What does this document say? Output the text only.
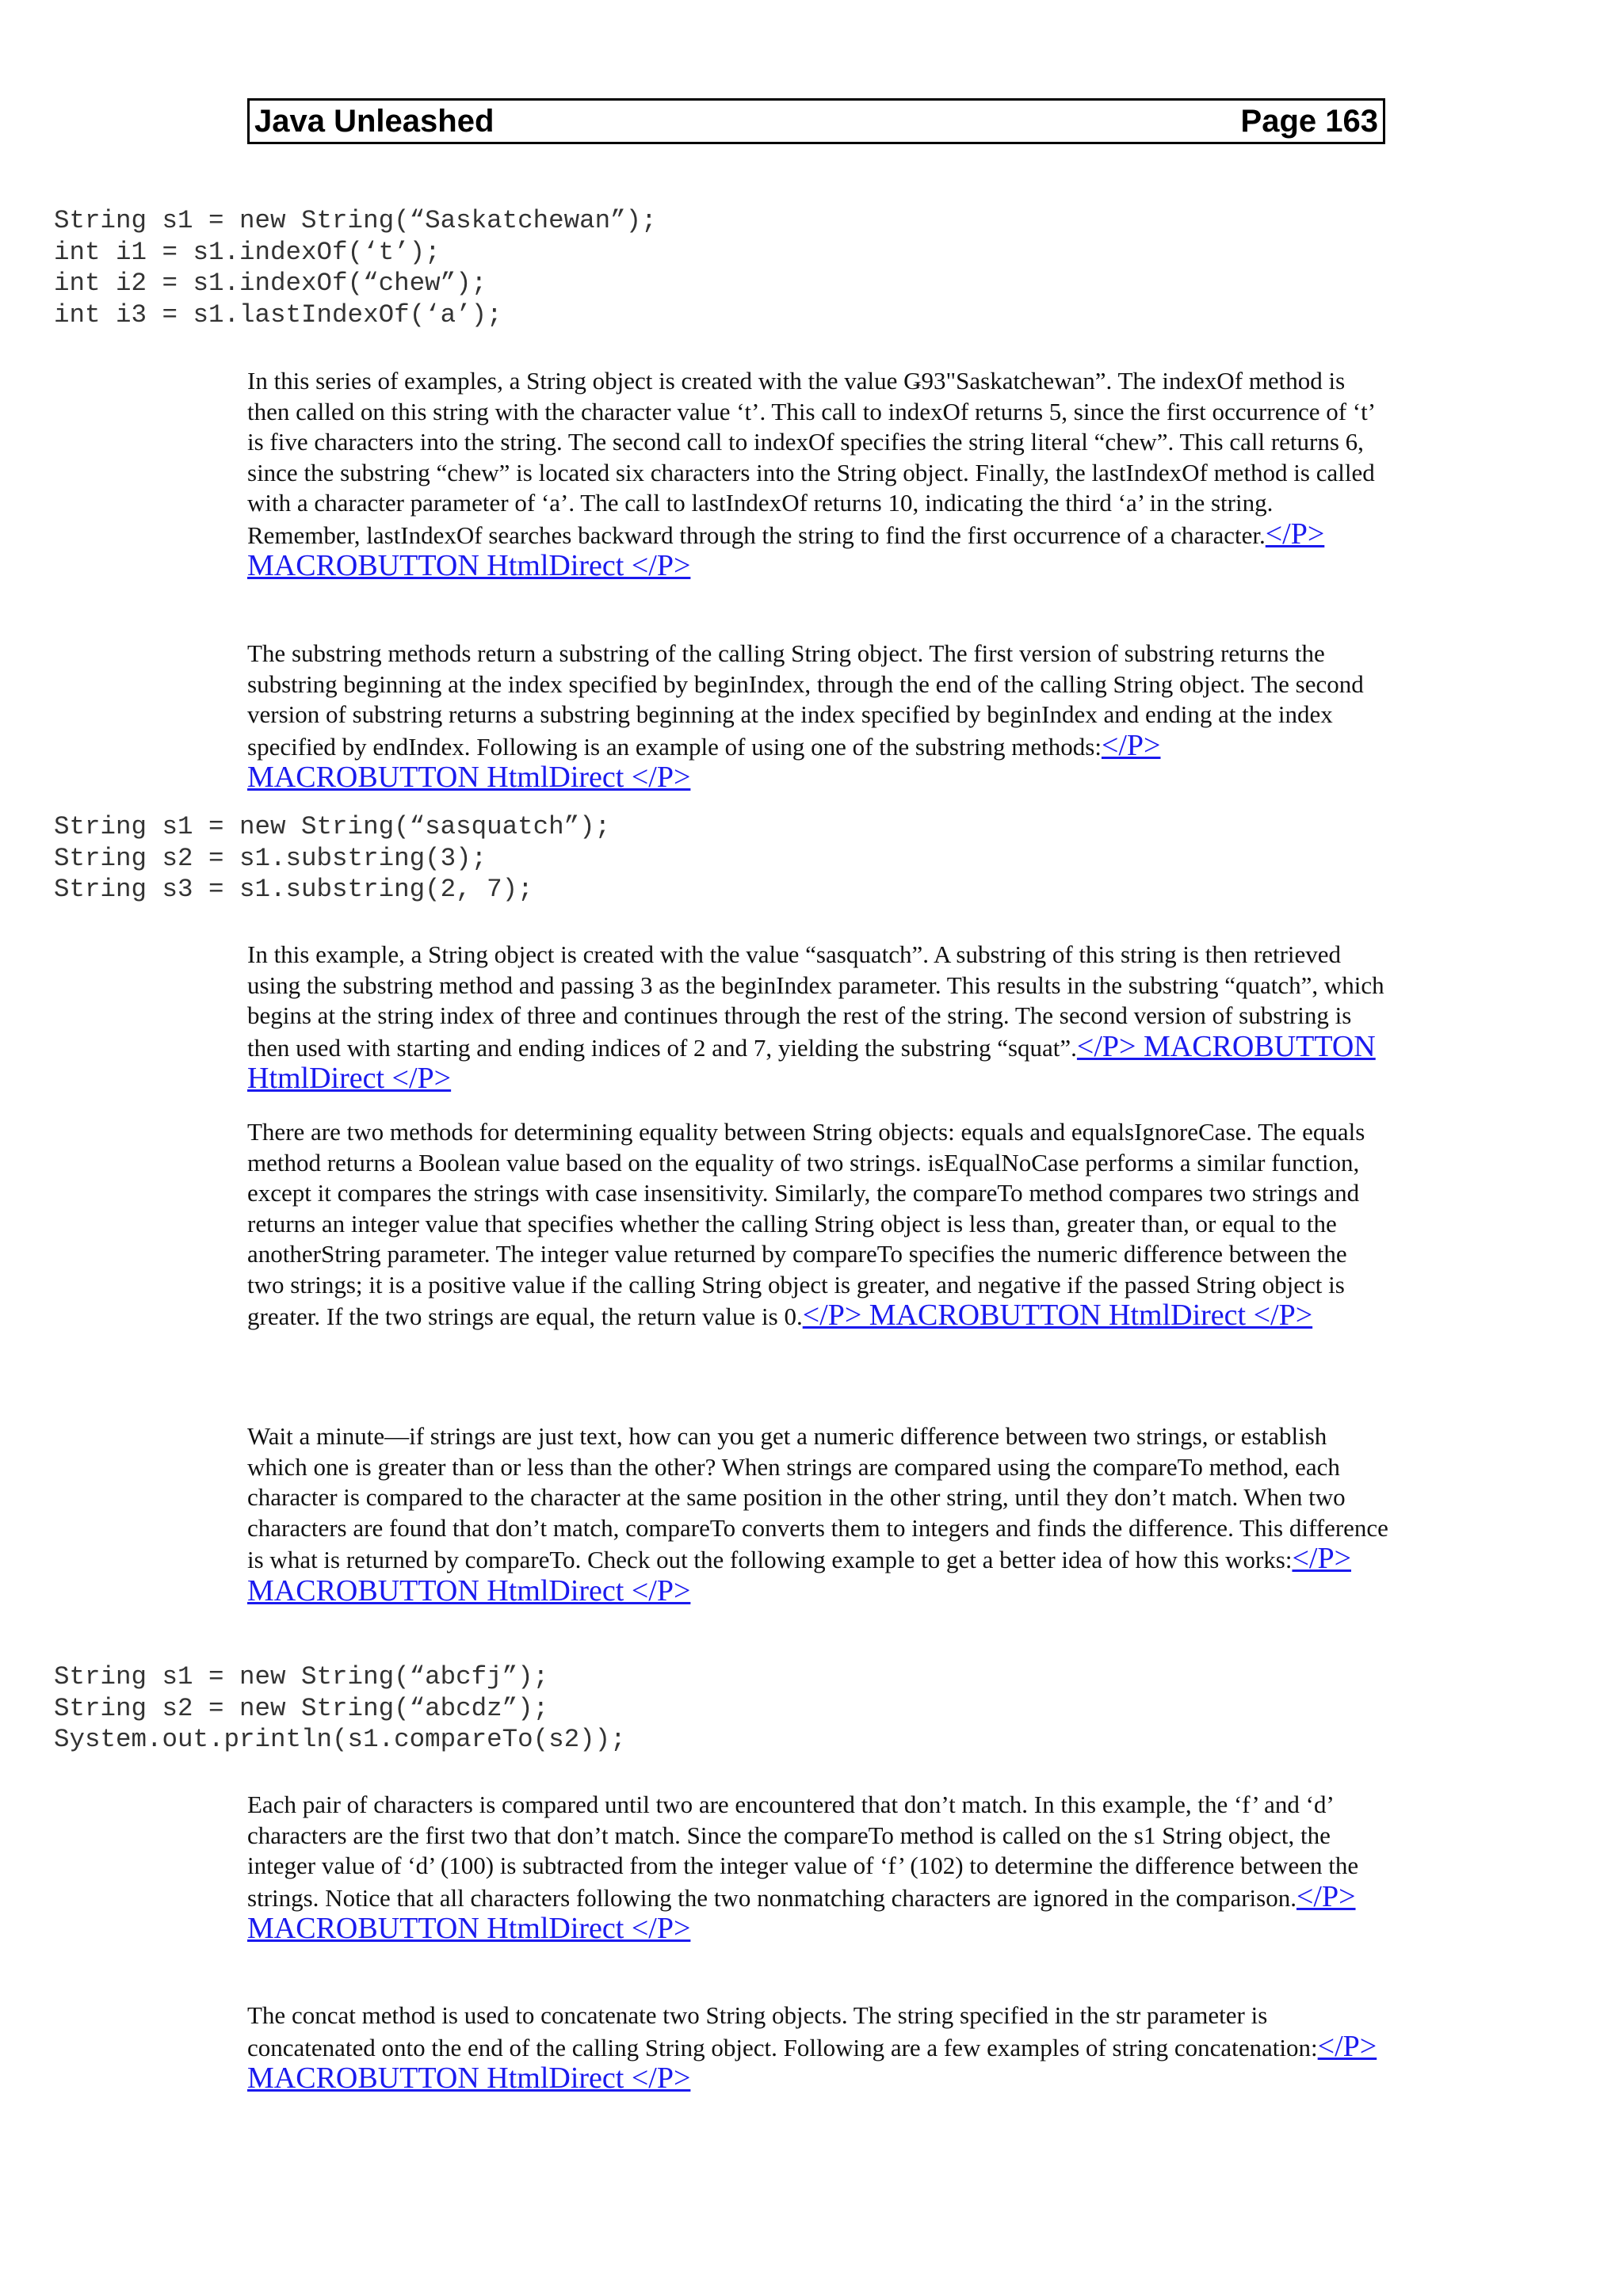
Java Unleashed	Page 163
String s1 = new String(“Saskatchewan”);
int i1 = s1.indexOf(‘t’);
int i2 = s1.indexOf(“chew”);
int i3 = s1.lastIndexOf(‘a’);

In this series of examples, a String object is created with the value Ǥ93"Saskatchewan”. The indexOf method is then called on this string with the character value ‘t’. This call to indexOf returns 5, since the first occurrence of ‘t’ is five characters into the string. The second call to indexOf specifies the string literal “chew”. This call returns 6, since the substring “chew” is located six characters into the String object. Finally, the lastIndexOf method is called with a character parameter of ‘a’. The call to lastIndexOf returns 10, indicating the third ‘a’ in the string. Remember, lastIndexOf searches backward through the string to find the first occurrence of a character.</P> MACROBUTTON HtmlDirect </P>

The substring methods return a substring of the calling String object. The first version of substring returns the substring beginning at the index specified by beginIndex, through the end of the calling String object. The second version of substring returns a substring beginning at the index specified by beginIndex and ending at the index specified by endIndex. Following is an example of using one of the substring methods:</P> MACROBUTTON HtmlDirect </P>

String s1 = new String(“sasquatch”);
String s2 = s1.substring(3);
String s3 = s1.substring(2, 7);

In this example, a String object is created with the value “sasquatch”. A substring of this string is then retrieved using the substring method and passing 3 as the beginIndex parameter. This results in the substring “quatch”, which begins at the string index of three and continues through the rest of the string. The second version of substring is then used with starting and ending indices of 2 and 7, yielding the substring “squat”.</P> MACROBUTTON HtmlDirect </P>

There are two methods for determining equality between String objects: equals and equalsIgnoreCase. The equals method returns a Boolean value based on the equality of two strings. isEqualNoCase performs a similar function, except it compares the strings with case insensitivity. Similarly, the compareTo method compares two strings and returns an integer value that specifies whether the calling String object is less than, greater than, or equal to the anotherString parameter. The integer value returned by compareTo specifies the numeric difference between the two strings; it is a positive value if the calling String object is greater, and negative if the passed String object is greater. If the two strings are equal, the return value is 0.</P> MACROBUTTON HtmlDirect </P>

Wait a minute—if strings are just text, how can you get a numeric difference between two strings, or establish which one is greater than or less than the other? When strings are compared using the compareTo method, each character is compared to the character at the same position in the other string, until they don’t match. When two characters are found that don’t match, compareTo converts them to integers and finds the difference. This difference is what is returned by compareTo. Check out the following example to get a better idea of how this works:</P> MACROBUTTON HtmlDirect </P>

String s1 = new String(“abcfj”);
String s2 = new String(“abcdz”);
System.out.println(s1.compareTo(s2));

Each pair of characters is compared until two are encountered that don’t match. In this example, the ‘f’ and ‘d’ characters are the first two that don’t match. Since the compareTo method is called on the s1 String object, the integer value of ‘d’ (100) is subtracted from the integer value of ‘f’ (102) to determine the difference between the strings. Notice that all characters following the two nonmatching characters are ignored in the comparison.</P> MACROBUTTON HtmlDirect </P>

The concat method is used to concatenate two String objects. The string specified in the str parameter is concatenated onto the end of the calling String object. Following are a few examples of string concatenation:</P> MACROBUTTON HtmlDirect </P>
